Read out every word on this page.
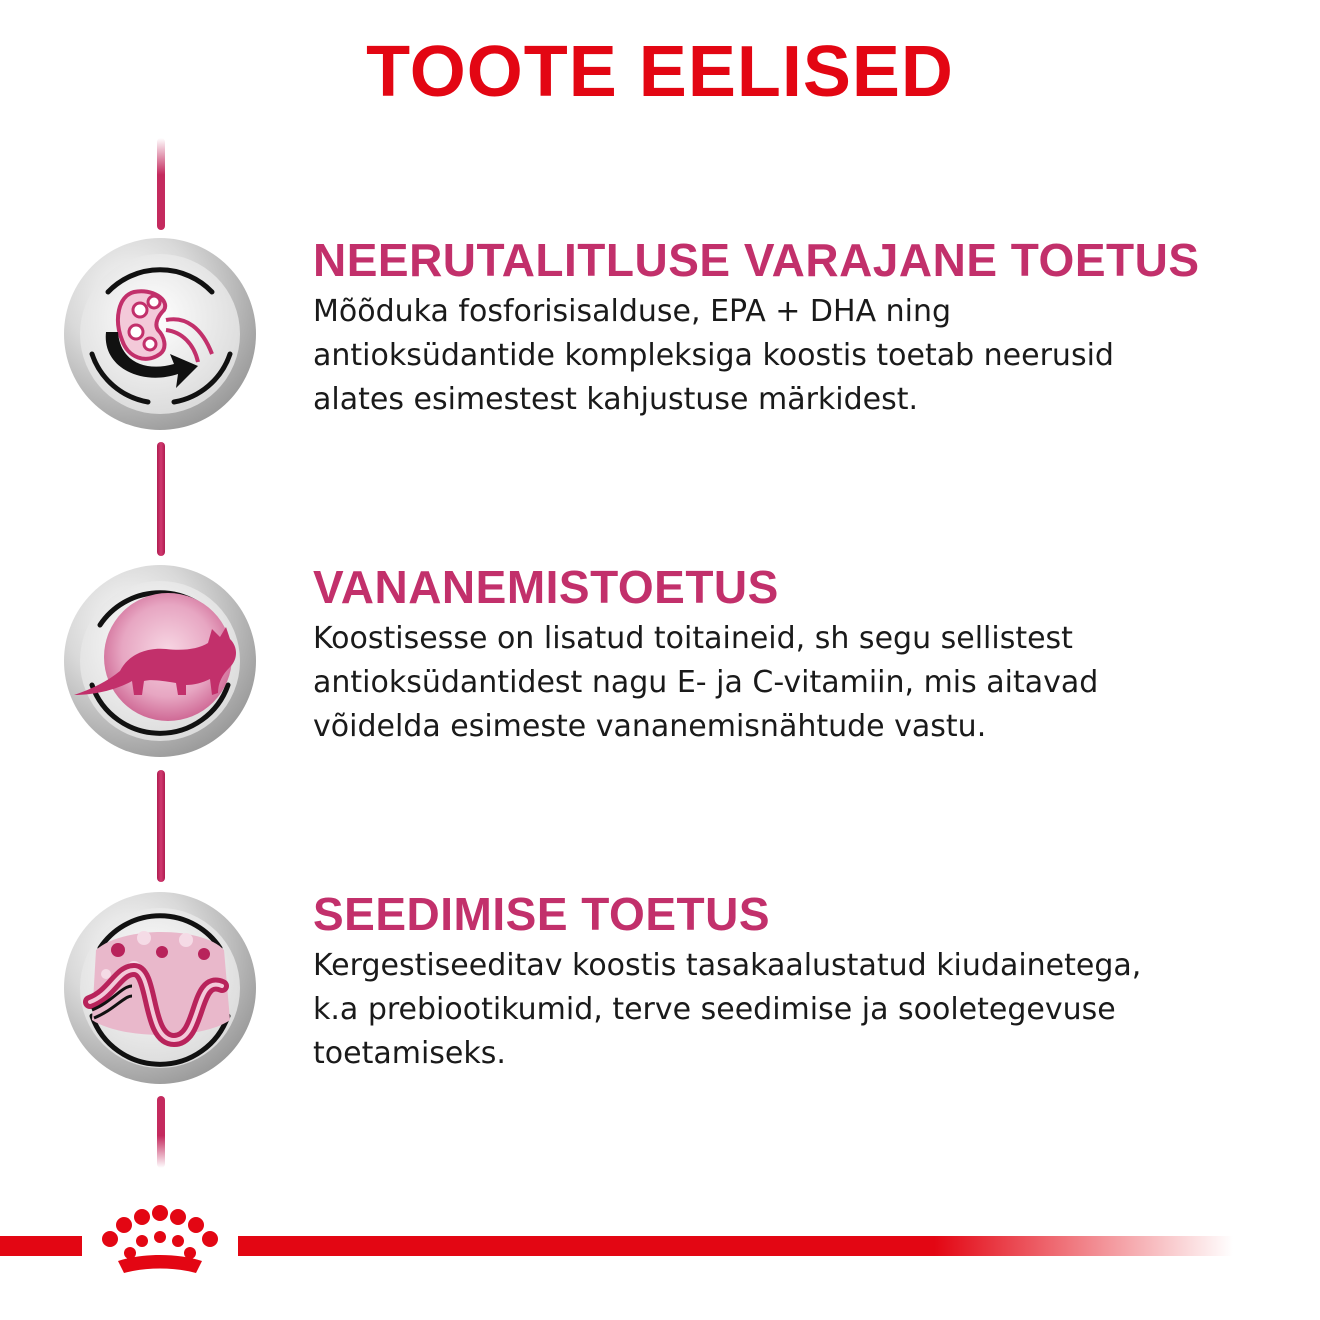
TOOTE EELISED
NEERUTALITLUSE VARAJANE TOETUS
Mõõduka fosforisisalduse, EPA + DHA ning
antioksüdantide kompleksiga koostis toetab neerusid
alates esimestest kahjustuse märkidest.
VANANEMISTOETUS
Koostisesse on lisatud toitaineid, sh segu sellistest
antioksüdantidest nagu E- ja C-vitamiin, mis aitavad
võidelda esimeste vananemisnähtude vastu.
SEEDIMISE TOETUS
Kergestiseeditav koostis tasakaalustatud kiudainetega,
k.a prebiootikumid, terve seedimise ja sooletegevuse
toetamiseks.
